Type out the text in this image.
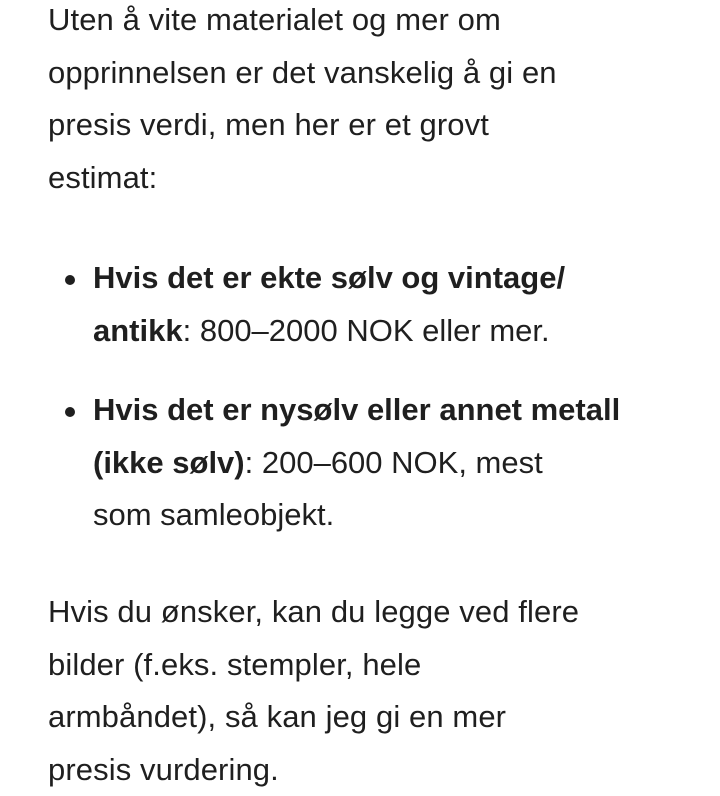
Uten å vite materialet og mer om
opprinnelsen er det vanskelig å gi en
presis verdi, men her er et grovt
estimat:

Hvis det er ekte sølv og vintage/
antikk: 800–2000 NOK eller mer.
Hvis det er nysølv eller annet metall
(ikke sølv): 200–600 NOK, mest
som samleobjekt.

Hvis du ønsker, kan du legge ved flere
bilder (f.eks. stempler, hele
armbåndet), så kan jeg gi en mer
presis vurdering.
